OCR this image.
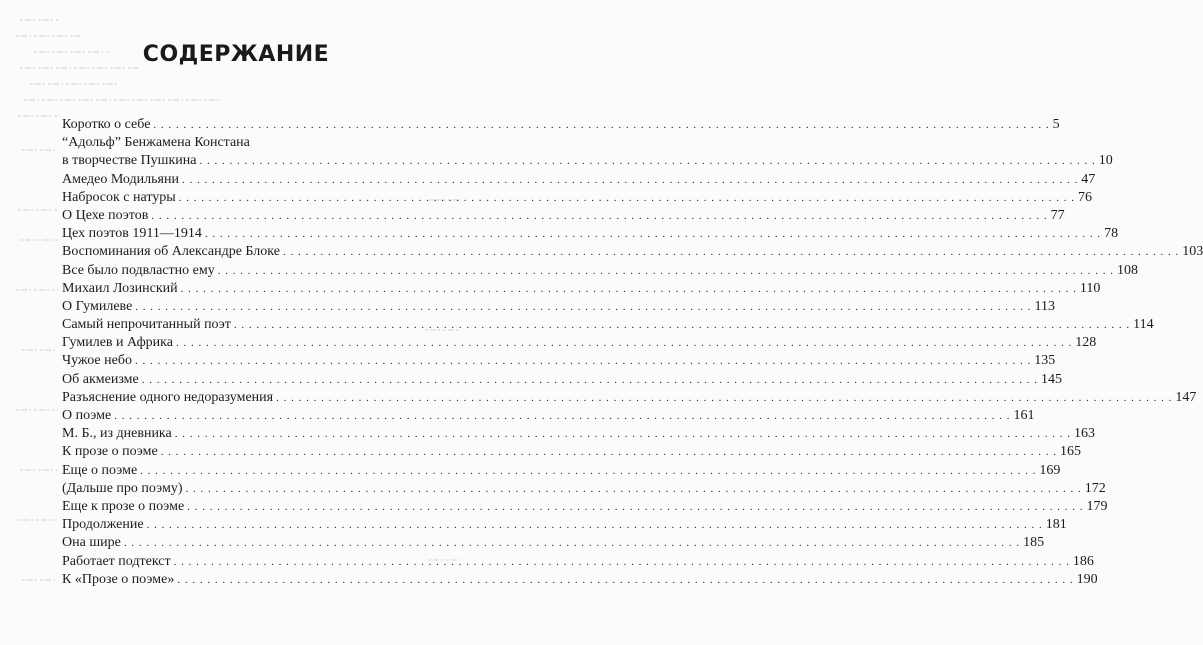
СОДЕРЖАНИЕ
Коротко о себе . . . . . . . . . . . . . . . . . . . . . . . . . . . . . . . . . . . . . . . . . . . . . . . . . . . . . . . . . . . . . . . . . . . . . . . . . . . . . . . . . . . . . . . . . . . . . . . . . . . . . . . . . . . . . . . . . . . . . . . . 5
“Адольф” Бенжамена Констана
в творчестве Пушкина . . . . . . . . . . . . . . . . . . . . . . . . . . . . . . . . . . . . . . . . . . . . . . . . . . . . . . . . . . . . . . . . . . . . . . . . . . . . . . . . . . . . . . . . . . . . . . . . . . . . . . . . . . . . . . . . . . . . . . . . 10
Амедео Модильяни . . . . . . . . . . . . . . . . . . . . . . . . . . . . . . . . . . . . . . . . . . . . . . . . . . . . . . . . . . . . . . . . . . . . . . . . . . . . . . . . . . . . . . . . . . . . . . . . . . . . . . . . . . . . . . . . . . . . . . . . 47
Набросок с натуры . . . . . . . . . . . . . . . . . . . . . . . . . . . . . . . . . . . . . . . . . . . . . . . . . . . . . . . . . . . . . . . . . . . . . . . . . . . . . . . . . . . . . . . . . . . . . . . . . . . . . . . . . . . . . . . . . . . . . . . . 76
О Цехе поэтов . . . . . . . . . . . . . . . . . . . . . . . . . . . . . . . . . . . . . . . . . . . . . . . . . . . . . . . . . . . . . . . . . . . . . . . . . . . . . . . . . . . . . . . . . . . . . . . . . . . . . . . . . . . . . . . . . . . . . . . . 77
Цех поэтов 1911—1914 . . . . . . . . . . . . . . . . . . . . . . . . . . . . . . . . . . . . . . . . . . . . . . . . . . . . . . . . . . . . . . . . . . . . . . . . . . . . . . . . . . . . . . . . . . . . . . . . . . . . . . . . . . . . . . . . . . . . . . . . 78
Воспоминания об Александре Блоке . . . . . . . . . . . . . . . . . . . . . . . . . . . . . . . . . . . . . . . . . . . . . . . . . . . . . . . . . . . . . . . . . . . . . . . . . . . . . . . . . . . . . . . . . . . . . . . . . . . . . . . . . . . . . . . . . . . . . . . . 103
Все было подвластно ему . . . . . . . . . . . . . . . . . . . . . . . . . . . . . . . . . . . . . . . . . . . . . . . . . . . . . . . . . . . . . . . . . . . . . . . . . . . . . . . . . . . . . . . . . . . . . . . . . . . . . . . . . . . . . . . . . . . . . . . . 108
Михаил Лозинский . . . . . . . . . . . . . . . . . . . . . . . . . . . . . . . . . . . . . . . . . . . . . . . . . . . . . . . . . . . . . . . . . . . . . . . . . . . . . . . . . . . . . . . . . . . . . . . . . . . . . . . . . . . . . . . . . . . . . . . . 110
О Гумилеве . . . . . . . . . . . . . . . . . . . . . . . . . . . . . . . . . . . . . . . . . . . . . . . . . . . . . . . . . . . . . . . . . . . . . . . . . . . . . . . . . . . . . . . . . . . . . . . . . . . . . . . . . . . . . . . . . . . . . . . . 113
Самый непрочитанный поэт . . . . . . . . . . . . . . . . . . . . . . . . . . . . . . . . . . . . . . . . . . . . . . . . . . . . . . . . . . . . . . . . . . . . . . . . . . . . . . . . . . . . . . . . . . . . . . . . . . . . . . . . . . . . . . . . . . . . . . . . 114
Гумилев и Африка . . . . . . . . . . . . . . . . . . . . . . . . . . . . . . . . . . . . . . . . . . . . . . . . . . . . . . . . . . . . . . . . . . . . . . . . . . . . . . . . . . . . . . . . . . . . . . . . . . . . . . . . . . . . . . . . . . . . . . . . 128
Чужое небо . . . . . . . . . . . . . . . . . . . . . . . . . . . . . . . . . . . . . . . . . . . . . . . . . . . . . . . . . . . . . . . . . . . . . . . . . . . . . . . . . . . . . . . . . . . . . . . . . . . . . . . . . . . . . . . . . . . . . . . . 135
Об акмеизме . . . . . . . . . . . . . . . . . . . . . . . . . . . . . . . . . . . . . . . . . . . . . . . . . . . . . . . . . . . . . . . . . . . . . . . . . . . . . . . . . . . . . . . . . . . . . . . . . . . . . . . . . . . . . . . . . . . . . . . . 145
Разъяснение одного недоразумения . . . . . . . . . . . . . . . . . . . . . . . . . . . . . . . . . . . . . . . . . . . . . . . . . . . . . . . . . . . . . . . . . . . . . . . . . . . . . . . . . . . . . . . . . . . . . . . . . . . . . . . . . . . . . . . . . . . . . . . . 147
О поэме . . . . . . . . . . . . . . . . . . . . . . . . . . . . . . . . . . . . . . . . . . . . . . . . . . . . . . . . . . . . . . . . . . . . . . . . . . . . . . . . . . . . . . . . . . . . . . . . . . . . . . . . . . . . . . . . . . . . . . . . 161
М. Б., из дневника . . . . . . . . . . . . . . . . . . . . . . . . . . . . . . . . . . . . . . . . . . . . . . . . . . . . . . . . . . . . . . . . . . . . . . . . . . . . . . . . . . . . . . . . . . . . . . . . . . . . . . . . . . . . . . . . . . . . . . . . 163
К прозе о поэме . . . . . . . . . . . . . . . . . . . . . . . . . . . . . . . . . . . . . . . . . . . . . . . . . . . . . . . . . . . . . . . . . . . . . . . . . . . . . . . . . . . . . . . . . . . . . . . . . . . . . . . . . . . . . . . . . . . . . . . . 165
Еще о поэме . . . . . . . . . . . . . . . . . . . . . . . . . . . . . . . . . . . . . . . . . . . . . . . . . . . . . . . . . . . . . . . . . . . . . . . . . . . . . . . . . . . . . . . . . . . . . . . . . . . . . . . . . . . . . . . . . . . . . . . . 169
(Дальше про поэму) . . . . . . . . . . . . . . . . . . . . . . . . . . . . . . . . . . . . . . . . . . . . . . . . . . . . . . . . . . . . . . . . . . . . . . . . . . . . . . . . . . . . . . . . . . . . . . . . . . . . . . . . . . . . . . . . . . . . . . . . 172
Еще к прозе о поэме . . . . . . . . . . . . . . . . . . . . . . . . . . . . . . . . . . . . . . . . . . . . . . . . . . . . . . . . . . . . . . . . . . . . . . . . . . . . . . . . . . . . . . . . . . . . . . . . . . . . . . . . . . . . . . . . . . . . . . . . 179
Продолжение . . . . . . . . . . . . . . . . . . . . . . . . . . . . . . . . . . . . . . . . . . . . . . . . . . . . . . . . . . . . . . . . . . . . . . . . . . . . . . . . . . . . . . . . . . . . . . . . . . . . . . . . . . . . . . . . . . . . . . . . 181
Она шире . . . . . . . . . . . . . . . . . . . . . . . . . . . . . . . . . . . . . . . . . . . . . . . . . . . . . . . . . . . . . . . . . . . . . . . . . . . . . . . . . . . . . . . . . . . . . . . . . . . . . . . . . . . . . . . . . . . . . . . . 185
Работает подтекст . . . . . . . . . . . . . . . . . . . . . . . . . . . . . . . . . . . . . . . . . . . . . . . . . . . . . . . . . . . . . . . . . . . . . . . . . . . . . . . . . . . . . . . . . . . . . . . . . . . . . . . . . . . . . . . . . . . . . . . . 186
К «Прозе о поэме» . . . . . . . . . . . . . . . . . . . . . . . . . . . . . . . . . . . . . . . . . . . . . . . . . . . . . . . . . . . . . . . . . . . . . . . . . . . . . . . . . . . . . . . . . . . . . . . . . . . . . . . . . . . . . . . . . . . . . . . . 190
